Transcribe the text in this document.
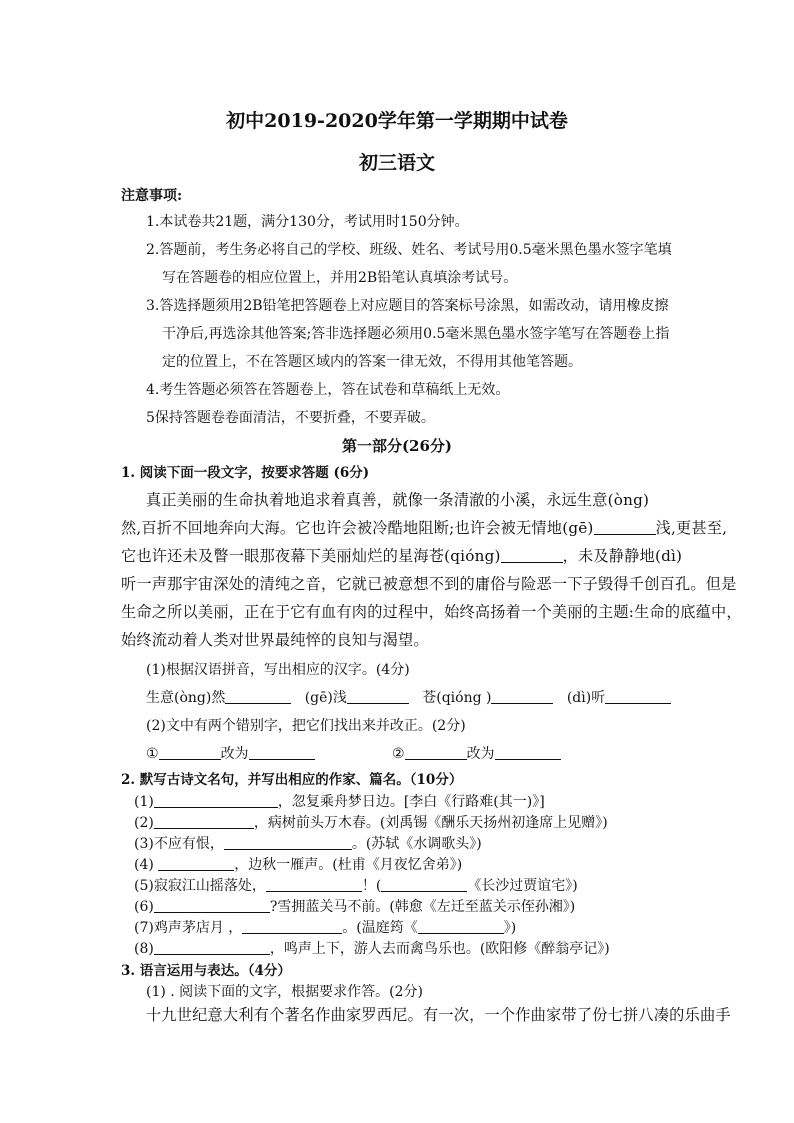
初中2019-2020学年第一学期期中试卷
初三语文
注意事项:
1.本试卷共21题，满分130分，考试用时150分钟。
2.答题前，考生务必将自己的学校、班级、姓名、考试号用0.5毫米黑色墨水签字笔填
写在答题卷的相应位置上，并用2B铅笔认真填涂考试号。
3.答选择题须用2B铅笔把答题卷上对应题目的答案标号涂黑，如需改动，请用橡皮擦
干净后,再选涂其他答案;答非选择题必须用0.5毫米黑色墨水签字笔写在答题卷上指
定的位置上，不在答题区域内的答案一律无效，不得用其他笔答题。
4.考生答题必须答在答题卷上，答在试卷和草稿纸上无效。
5保持答题卷卷面清洁，不要折叠，不要弄破。
第一部分(26分)
1. 阅读下面一段文字，按要求答题 (6分)
真正美丽的生命执着地追求着真善，就像一条清澈的小溪，永远生意(òng)
然,百折不回地奔向大海。它也许会被冷酷地阻断;也许会被无情地(gē)	浅,更甚至,
它也许还未及瞥一眼那夜幕下美丽灿烂的星海苍(qióng)	，未及静静地(dì)
听一声那宇宙深处的清纯之音，它就已被意想不到的庸俗与险恶一下子毁得千创百孔。但是
生命之所以美丽，正在于它有血有肉的过程中，始终高扬着一个美丽的主题:生命的底蕴中，
始终流动着人类对世界最纯悴的良知与渴望。
(1)根据汉语拼音，写出相应的汉字。(4分)
生意(òng)然	(gē)浅	苍(qióng )	(dì)听
(2)文中有两个错别字，把它们找出来并改正。(2分)
①	改为	②	改为
2. 默写古诗文名句，并写出相应的作家、篇名。（10分）
(1)	，忽复乘舟梦日边。[李白《行路难(其一)》]
(2)	，病树前头万木春。(刘禹锡《酬乐天扬州初逢席上见赠》)
(3)不应有恨，	。(苏轼《水调歌头》)
(4)	，边秋一雁声。(杜甫《月夜忆舍弟》)
(5)寂寂江山摇落处，	！(	《长沙过贾谊宅》)
(6)	?雪拥蓝关马不前。(韩愈《左迁至蓝关示侄孙湘》)
(7)鸡声茅店月 ，	。(温庭筠《	》)
(8)	，鸣声上下，游人去而禽鸟乐也。(欧阳修《醉翁亭记》)
3. 语言运用与表达。（4分）
(1) . 阅读下面的文字，根据要求作答。(2分)
十九世纪意大利有个著名作曲家罗西尼。有一次，一个作曲家带了份七拼八凑的乐曲手
